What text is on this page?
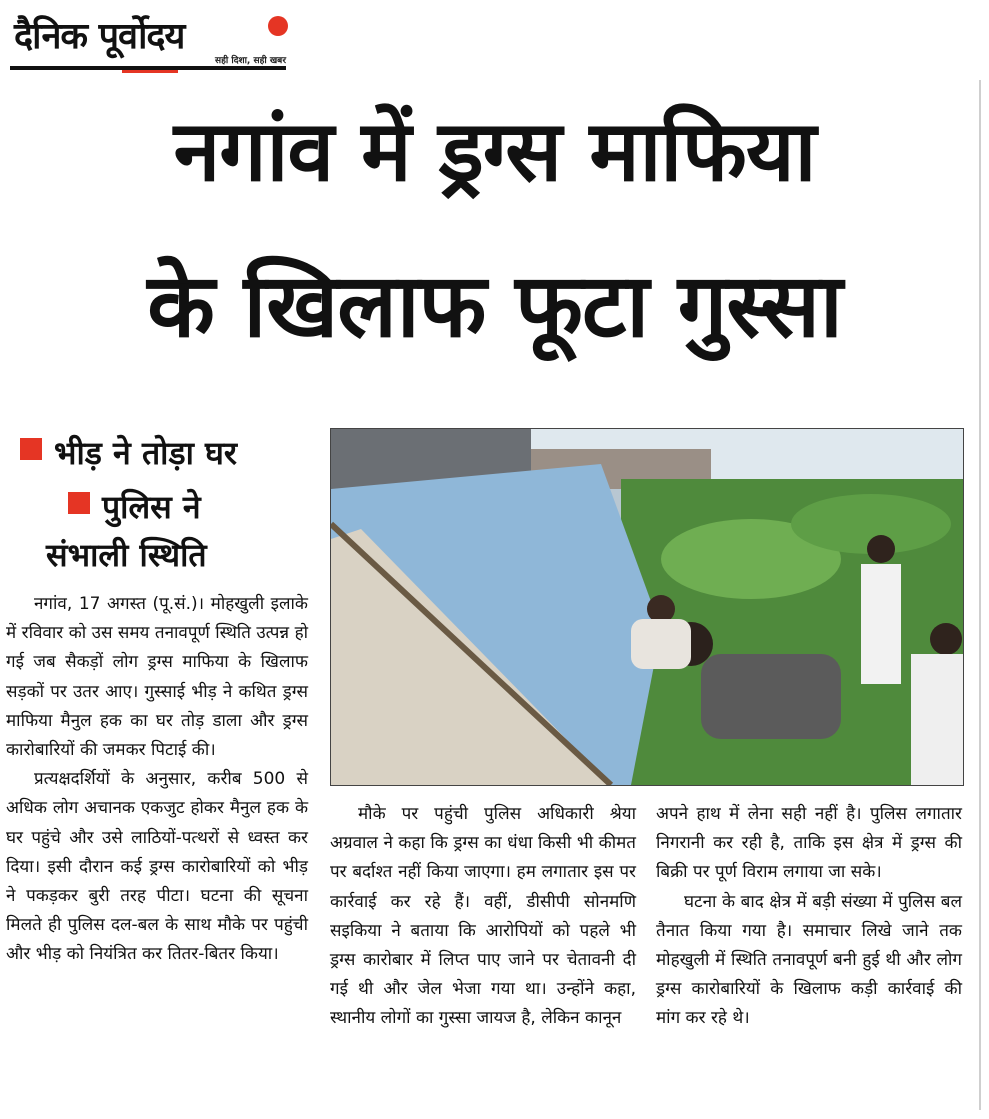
दैनिक पूर्वोदय
सही दिशा, सही खबर
नगांव में ड्रग्स माफिया
के खिलाफ फूटा गुस्सा
भीड़ ने तोड़ा घर
पुलिस ने
संभाली स्थिति

नगांव, 17 अगस्त (पू.सं.)। मोहखुली इलाके में रविवार को उस समय तनावपूर्ण स्थिति उत्पन्न हो गई जब सैकड़ों लोग ड्रग्स माफिया के खिलाफ सड़कों पर उतर आए। गुस्साई भीड़ ने कथित ड्रग्स माफिया मैनुल हक का घर तोड़ डाला और ड्रग्स कारोबारियों की जमकर पिटाई की।

प्रत्यक्षदर्शियों के अनुसार, करीब 500 से अधिक लोग अचानक एकजुट होकर मैनुल हक के घर पहुंचे और उसे लाठियों-पत्थरों से ध्वस्त कर दिया। इसी दौरान कई ड्रग्स कारोबारियों को भीड़ ने पकड़कर बुरी तरह पीटा। घटना की सूचना मिलते ही पुलिस दल-बल के साथ मौके पर पहुंची और भीड़ को नियंत्रित कर तितर-बितर किया।

मौके पर पहुंची पुलिस अधिकारी श्रेया अग्रवाल ने कहा कि ड्रग्स का धंधा किसी भी कीमत पर बर्दाश्त नहीं किया जाएगा। हम लगातार इस पर कार्रवाई कर रहे हैं। वहीं, डीसीपी सोनमणि सइकिया ने बताया कि आरोपियों को पहले भी ड्रग्स कारोबार में लिप्त पाए जाने पर चेतावनी दी गई थी और जेल भेजा गया था। उन्होंने कहा, स्थानीय लोगों का गुस्सा जायज है, लेकिन कानून

अपने हाथ में लेना सही नहीं है। पुलिस लगातार निगरानी कर रही है, ताकि इस क्षेत्र में ड्रग्स की बिक्री पर पूर्ण विराम लगाया जा सके।

घटना के बाद क्षेत्र में बड़ी संख्या में पुलिस बल तैनात किया गया है। समाचार लिखे जाने तक मोहखुली में स्थिति तनावपूर्ण बनी हुई थी और लोग ड्रग्स कारोबारियों के खिलाफ कड़ी कार्रवाई की मांग कर रहे थे।
